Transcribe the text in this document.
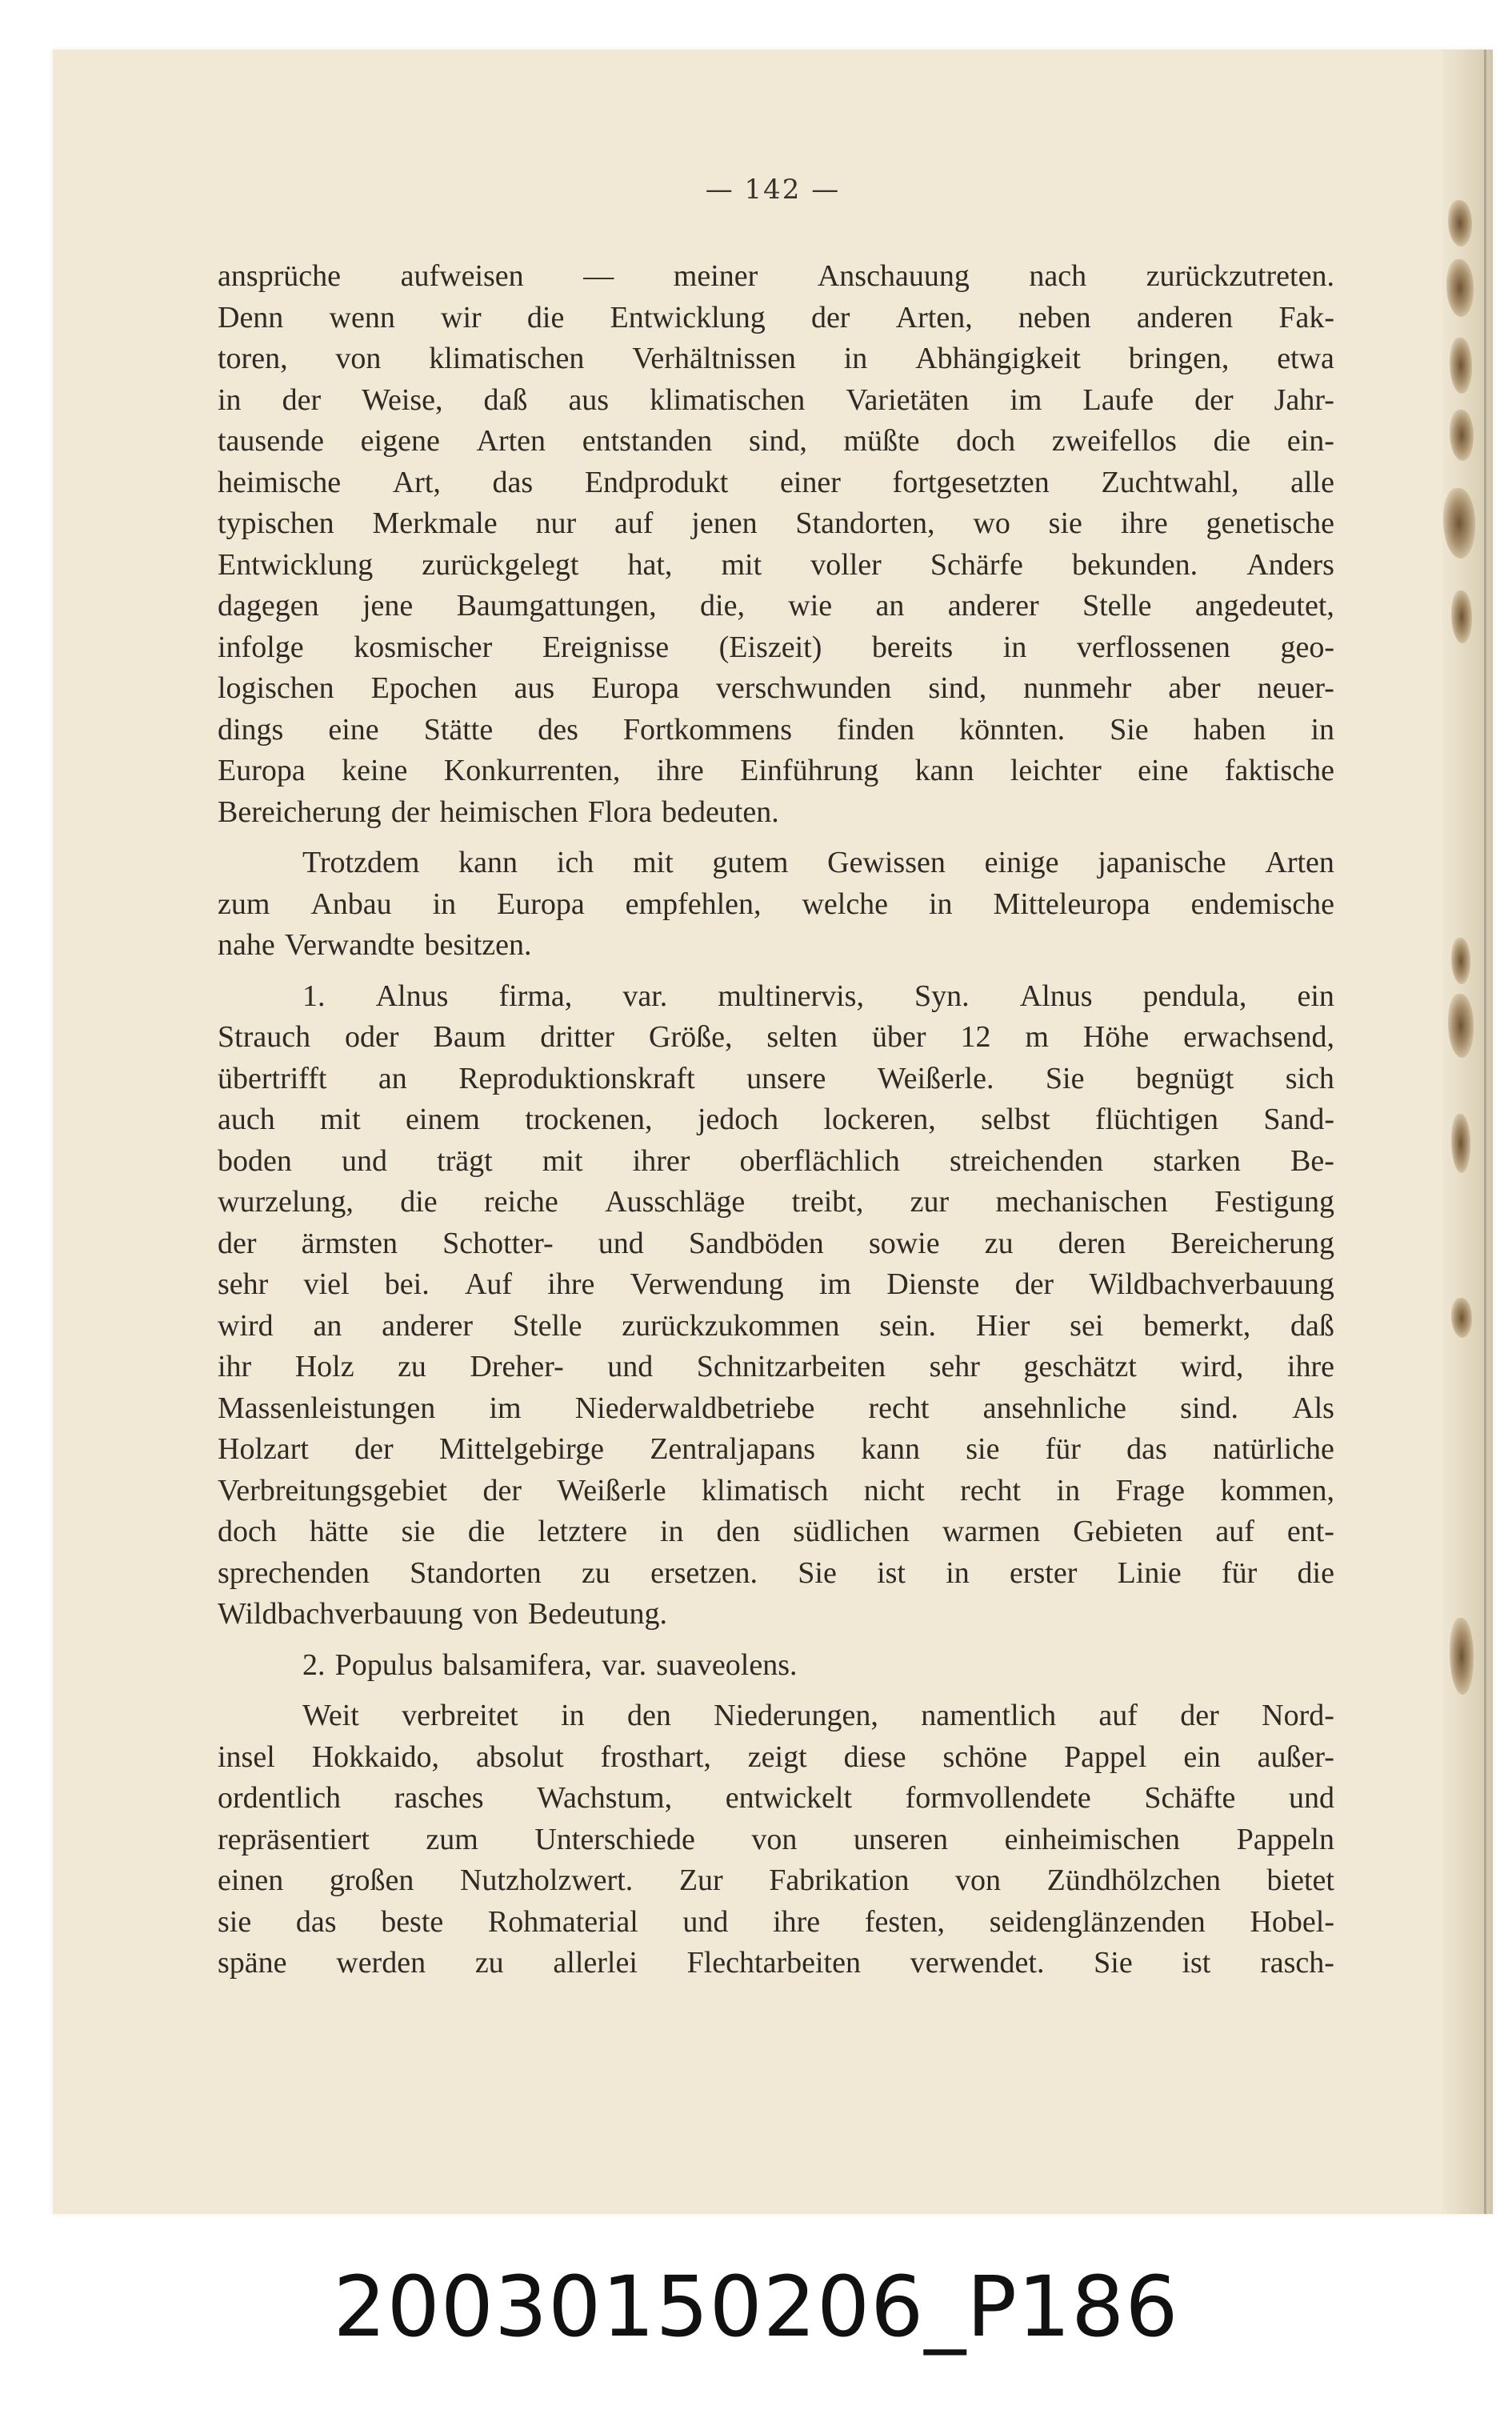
— 142 —
ansprüche aufweisen — meiner Anschauung nach zurückzutreten.
Denn wenn wir die Entwicklung der Arten, neben anderen Fak-
toren, von klimatischen Verhältnissen in Abhängigkeit bringen, etwa
in der Weise, daß aus klimatischen Varietäten im Laufe der Jahr-
tausende eigene Arten entstanden sind, müßte doch zweifellos die ein-
heimische Art, das Endprodukt einer fortgesetzten Zuchtwahl, alle
typischen Merkmale nur auf jenen Standorten, wo sie ihre genetische
Entwicklung zurückgelegt hat, mit voller Schärfe bekunden. Anders
dagegen jene Baumgattungen, die, wie an anderer Stelle angedeutet,
infolge kosmischer Ereignisse (Eiszeit) bereits in verflossenen geo-
logischen Epochen aus Europa verschwunden sind, nunmehr aber neuer-
dings eine Stätte des Fortkommens finden könnten. Sie haben in
Europa keine Konkurrenten, ihre Einführung kann leichter eine faktische
Bereicherung der heimischen Flora bedeuten.
Trotzdem kann ich mit gutem Gewissen einige japanische Arten
zum Anbau in Europa empfehlen, welche in Mitteleuropa endemische
nahe Verwandte besitzen.
1. Alnus firma, var. multinervis, Syn. Alnus pendula, ein
Strauch oder Baum dritter Größe, selten über 12 m Höhe erwachsend,
übertrifft an Reproduktionskraft unsere Weißerle. Sie begnügt sich
auch mit einem trockenen, jedoch lockeren, selbst flüchtigen Sand-
boden und trägt mit ihrer oberflächlich streichenden starken Be-
wurzelung, die reiche Ausschläge treibt, zur mechanischen Festigung
der ärmsten Schotter- und Sandböden sowie zu deren Bereicherung
sehr viel bei. Auf ihre Verwendung im Dienste der Wildbachverbauung
wird an anderer Stelle zurückzukommen sein. Hier sei bemerkt, daß
ihr Holz zu Dreher- und Schnitzarbeiten sehr geschätzt wird, ihre
Massenleistungen im Niederwaldbetriebe recht ansehnliche sind. Als
Holzart der Mittelgebirge Zentraljapans kann sie für das natürliche
Verbreitungsgebiet der Weißerle klimatisch nicht recht in Frage kommen,
doch hätte sie die letztere in den südlichen warmen Gebieten auf ent-
sprechenden Standorten zu ersetzen. Sie ist in erster Linie für die
Wildbachverbauung von Bedeutung.
2. Populus balsamifera, var. suaveolens.
Weit verbreitet in den Niederungen, namentlich auf der Nord-
insel Hokkaido, absolut frosthart, zeigt diese schöne Pappel ein außer-
ordentlich rasches Wachstum, entwickelt formvollendete Schäfte und
repräsentiert zum Unterschiede von unseren einheimischen Pappeln
einen großen Nutzholzwert. Zur Fabrikation von Zündhölzchen bietet
sie das beste Rohmaterial und ihre festen, seidenglänzenden Hobel-
späne werden zu allerlei Flechtarbeiten verwendet. Sie ist rasch-
20030150206_P186
